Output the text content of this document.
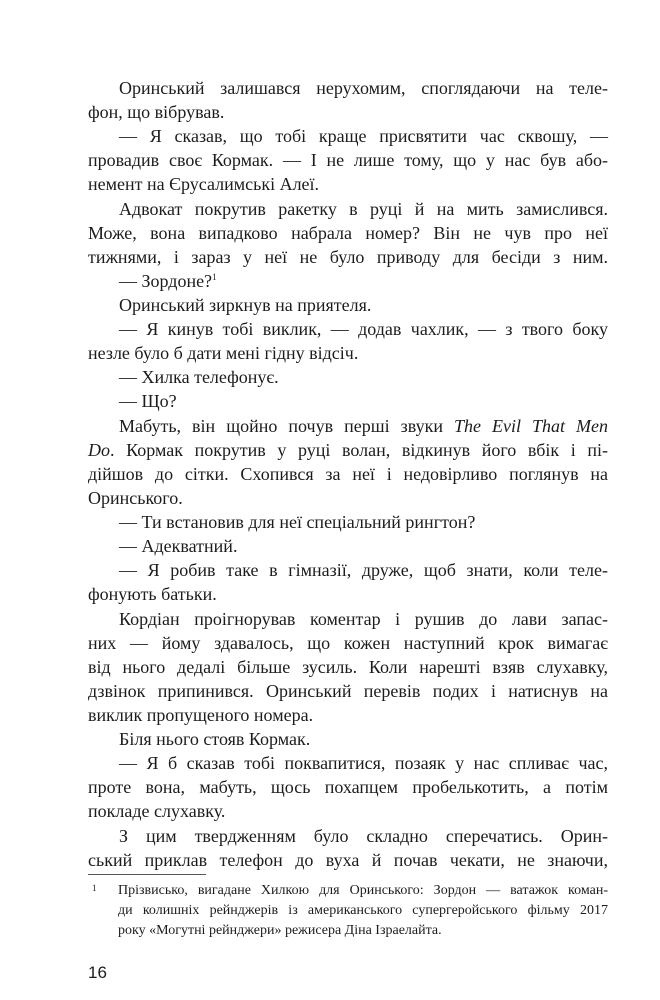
Оринський залишався нерухомим, споглядаючи на теле-
фон, що вібрував.
— Я сказав, що тобі краще присвятити час сквошу, —
провадив своє Кормак. — І не лише тому, що у нас був або-
немент на Єрусалимські Алеї.
Адвокат покрутив ракетку в руці й на мить замислився.
Може, вона випадково набрала номер? Він не чув про неї
тижнями, і зараз у неї не було приводу для бесіди з ним.
— Зордоне?$^1$
Оринський зиркнув на приятеля.
— Я кинув тобі виклик, — додав чахлик, — з твого боку
незле було б дати мені гідну відсіч.
— Хилка телефонує.
— Що?
Мабуть, він щойно почув перші звуки The Evil That Men
Do. Кормак покрутив у руці волан, відкинув його вбік і пі-
дійшов до сітки. Схопився за неї і недовірливо поглянув на
Оринського.
— Ти встановив для неї спеціальний рингтон?
— Адекватний.
— Я робив таке в гімназії, друже, щоб знати, коли теле-
фонують батьки.
Кордіан проігнорував коментар і рушив до лави запас-
них — йому здавалось, що кожен наступний крок вимагає
від нього дедалі більше зусиль. Коли нарешті взяв слухавку,
дзвінок припинився. Оринський перевів подих і натиснув на
виклик пропущеного номера.
Біля нього стояв Кормак.
— Я б сказав тобі поквапитися, позаяк у нас спливає час,
проте вона, мабуть, щось похапцем пробелькотить, а потім
покладе слухавку.
З цим твердженням було складно сперечатись. Орин-
ський приклав телефон до вуха й почав чекати, не знаючи,
1 Прізвисько, вигадане Хилкою для Оринського: Зордон — ватажок коман-
ди колишніх рейнджерів із американського супергеройського фільму 2017
року «Могутні рейнджери» режисера Діна Ізраелайта.
16
